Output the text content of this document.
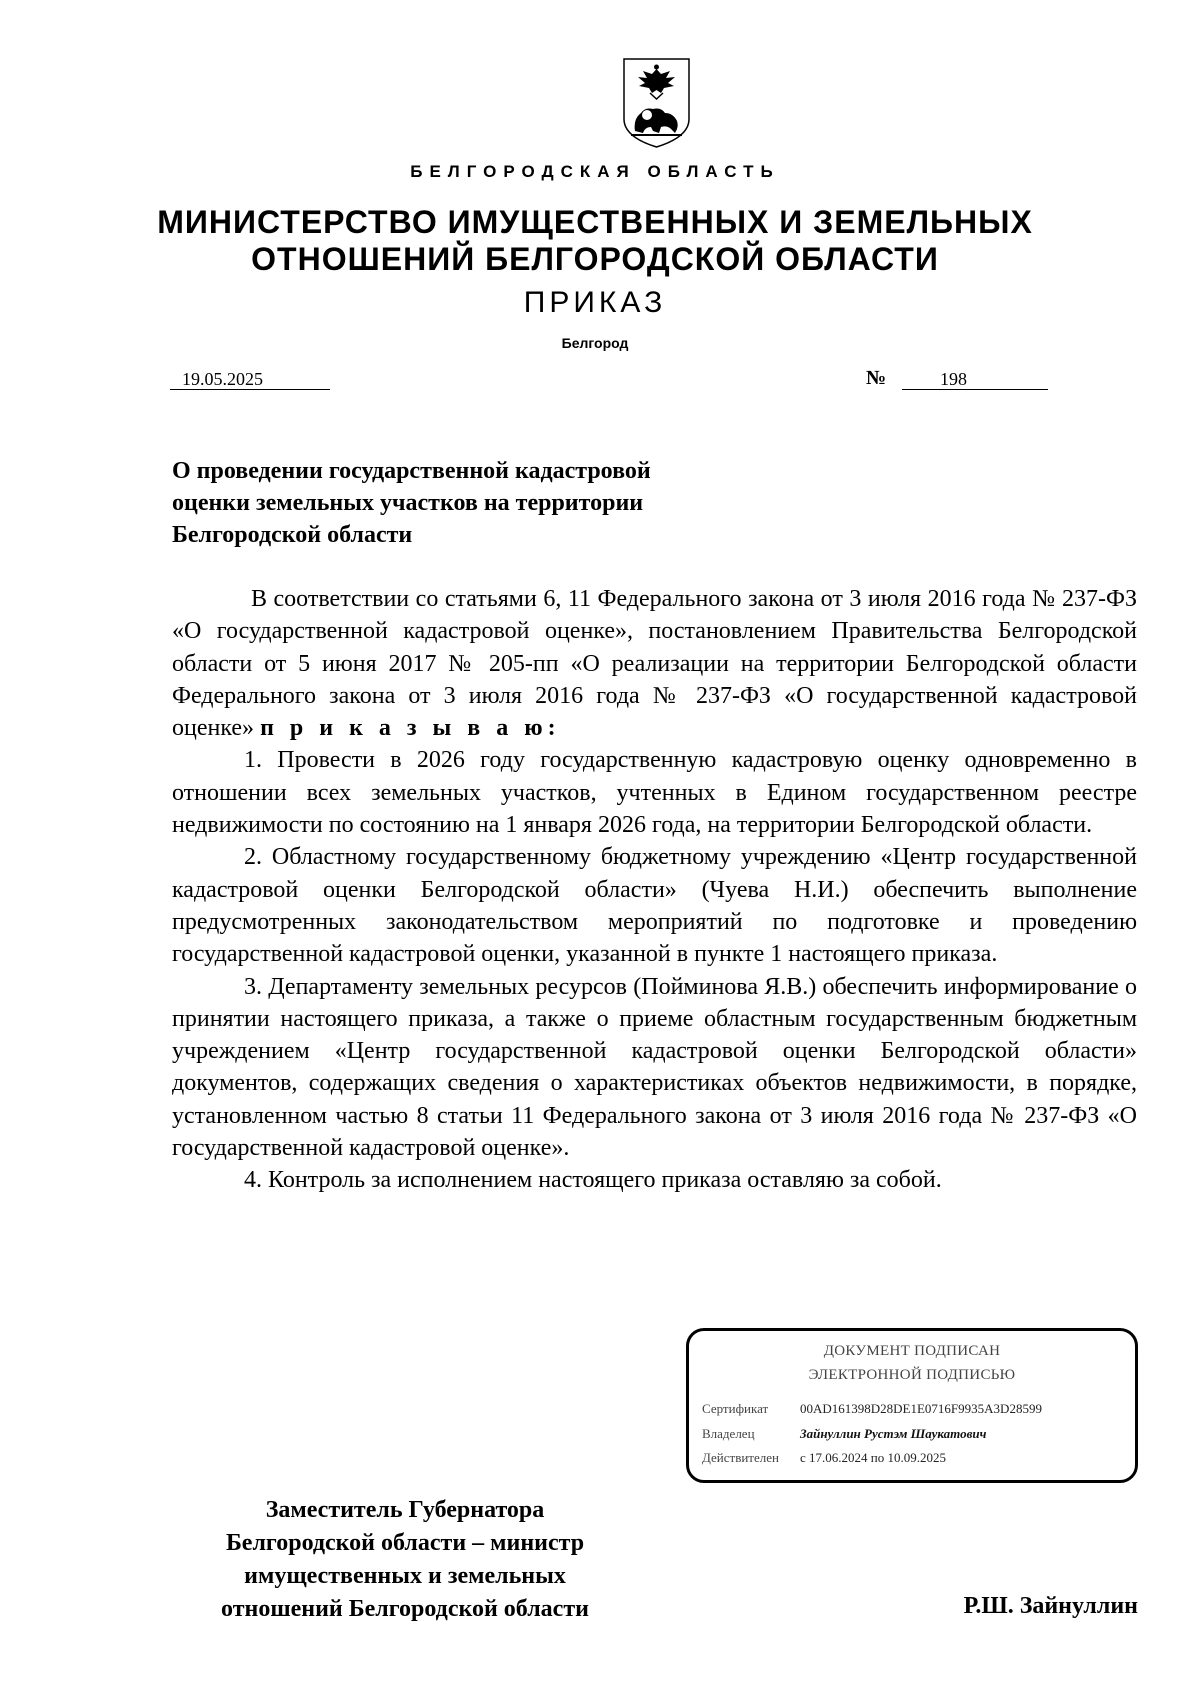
БЕЛГОРОДСКАЯ ОБЛАСТЬ
МИНИСТЕРСТВО ИМУЩЕСТВЕННЫХ И ЗЕМЕЛЬНЫХ
ОТНОШЕНИЙ БЕЛГОРОДСКОЙ ОБЛАСТИ
ПРИКАЗ
Белгород
19.05.2025	№	198
О проведении государственной кадастровой
оценки земельных участков на территории
Белгородской области

В соответствии со статьями 6, 11 Федерального закона от 3 июля 2016 года № 237-ФЗ «О государственной кадастровой оценке», постановлением Правительства Белгородской области от 5 июня 2017 № 205-пп «О реализации на территории Белгородской области Федерального закона от 3 июля 2016 года № 237-ФЗ «О государственной кадастровой оценке» п р и к а з ы в а ю:

1. Провести в 2026 году государственную кадастровую оценку одновременно в отношении всех земельных участков, учтенных в Едином государственном реестре недвижимости по состоянию на 1 января 2026 года, на территории Белгородской области.

2. Областному государственному бюджетному учреждению «Центр государственной кадастровой оценки Белгородской области» (Чуева Н.И.) обеспечить выполнение предусмотренных законодательством мероприятий по подготовке и проведению государственной кадастровой оценки, указанной в пункте 1 настоящего приказа.

3. Департаменту земельных ресурсов (Пойминова Я.В.) обеспечить информирование о принятии настоящего приказа, а также о приеме областным государственным бюджетным учреждением «Центр государственной кадастровой оценки Белгородской области» документов, содержащих сведения о характеристиках объектов недвижимости, в порядке, установленном частью 8 статьи 11 Федерального закона от 3 июля 2016 года № 237-ФЗ «О государственной кадастровой оценке».

4. Контроль за исполнением настоящего приказа оставляю за собой.

ДОКУМЕНТ ПОДПИСАН
ЭЛЕКТРОННОЙ ПОДПИСЬЮ
Сертификат 00AD161398D28DE1E0716F9935A3D28599
Владелец	Зайнуллин Рустэм Шаукатович
Действителен с 17.06.2024 по 10.09.2025
Заместитель Губернатора
Белгородской области – министр
имущественных и земельных
отношений Белгородской области	Р.Ш. Зайнуллин
